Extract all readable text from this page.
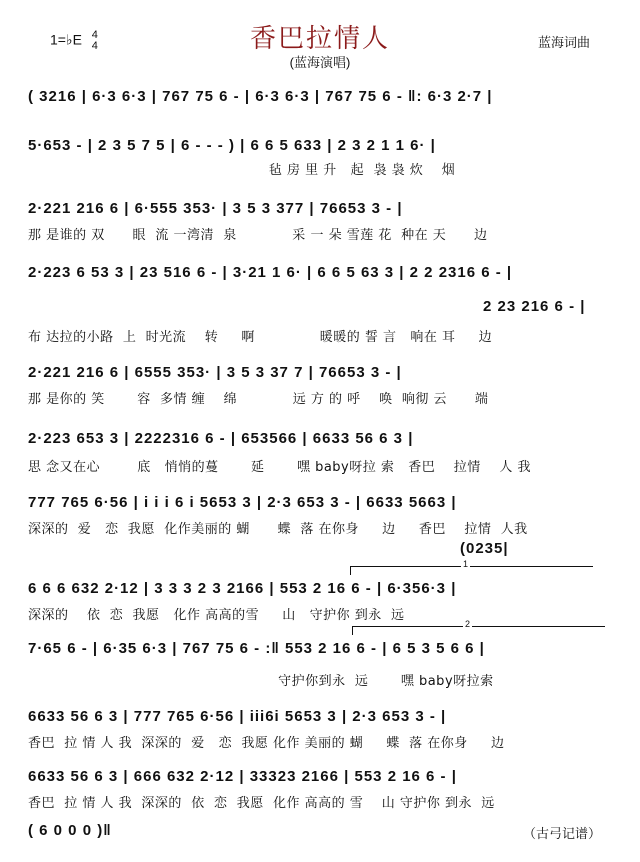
1=♭E 4
4	香巴拉情人
(蓝海演唱)
蓝海词曲
( 3216 | 6·3 6·3 | 767 75 6 - | 6·3 6·3 | 767 75 6 - ‖: 6·3 2·7 |
5·653 - | 2 3 5 7 5 | 6 - - - ) | 6 6 5 633 | 2 3 2 1 1 6· |
毡 房 里 升   起  袅 袅 炊    烟
2·221 216 6 | 6·555 353· | 3 5 3 377 | 76653 3 - |
那 是谁的 双      眼  流 一湾清  泉            采 一 朵 雪莲 花  种在 天      边
2·223 6 53 3 | 23 516 6 - | 3·21 1 6· | 6 6 5 63 3 | 2 2 2316 6 - |
2 23 216 6 - |
布 达拉的小路  上  时光流    转     啊              暖暖的 誓 言   响在 耳     边
2·221 216 6 | 6555 353· | 3 5 3 37 7 | 76653 3 - |
那 是你的 笑       容  多情 缠    绵            远 方 的 呼    唤  响彻 云      端
2·223 653 3 | 2222316 6 - | 653566 | 6633 56 6 3 |
思 念又在心        底   悄悄的蔓       延       嘿 baby呀拉 索   香巴    拉情    人 我
777 765 6·56 | i i i 6 i 5653 3 | 2·3 653 3 - | 6633 5663 |
深深的  爱   恋  我愿  化作美丽的 蝴      蝶  落 在你身     边     香巴    拉情  人我
(0235|
1
6 6 6 632 2·12 | 3 3 3 2 3 2166 | 553 2 16 6 - | 6·356·3 |
深深的    依  恋  我愿   化作 高高的雪     山   守护你 到永  远
2
7·65 6 - | 6·35 6·3 | 767 75 6 - :‖ 553 2 16 6 - | 6 5 3 5 6 6 |
守护你到永  远       嘿 baby呀拉索
6633 56 6 3 | 777 765 6·56 | iii6i 5653 3 | 2·3 653 3 - |
香巴  拉 情 人 我  深深的  爱   恋  我愿 化作 美丽的 蝴     蝶  落 在你身     边
6633 56 6 3 | 666 632 2·12 | 33323 2166 | 553 2 16 6 - |
香巴  拉 情 人 我  深深的  依  恋  我愿  化作 高高的 雪    山 守护你 到永  远
( 6 0 0 0 )‖	（古弓记谱）
